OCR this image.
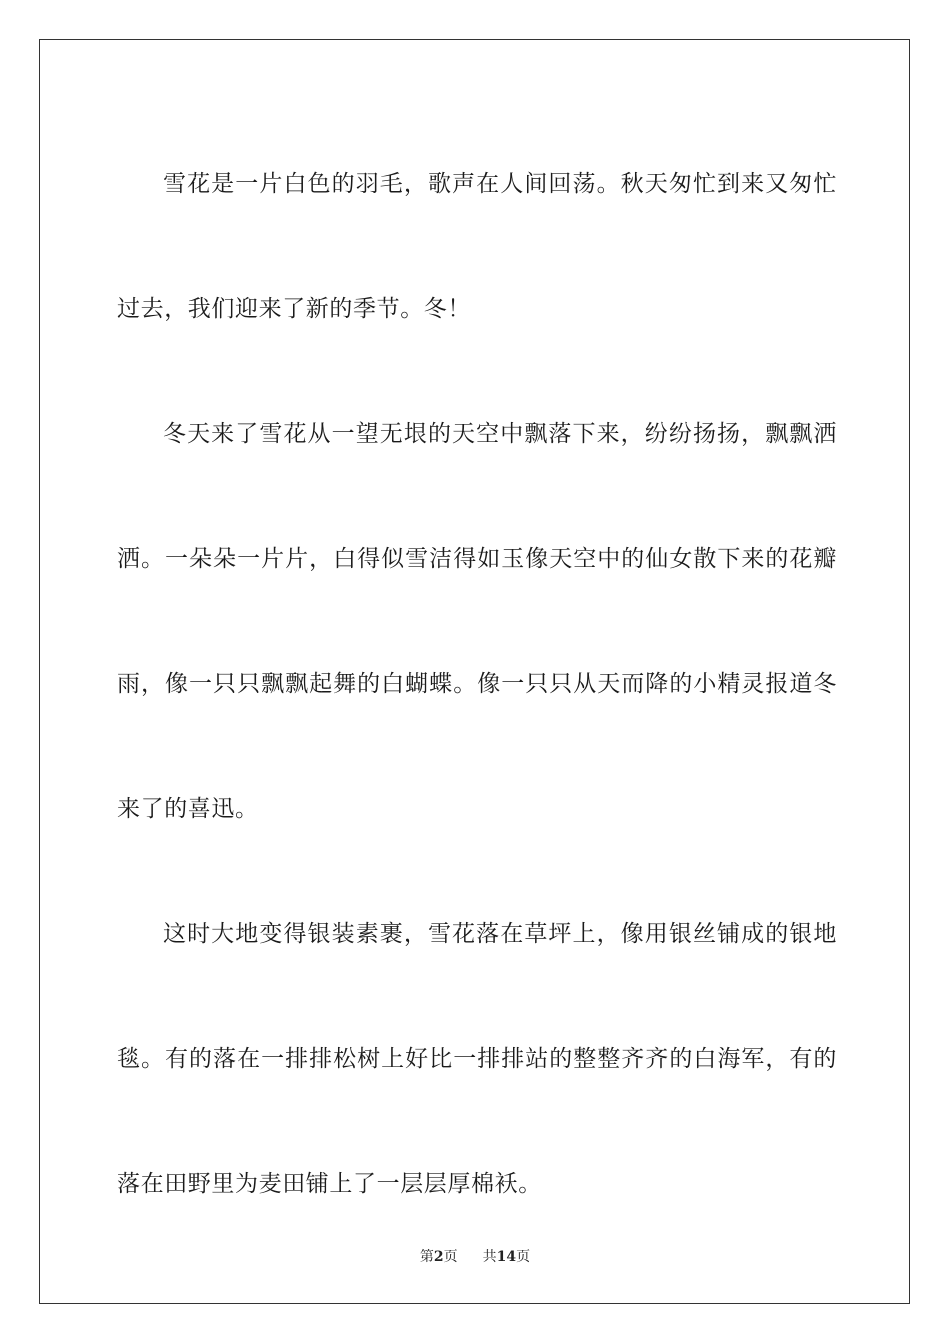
雪花是一片白色的羽毛，歌声在人间回荡。秋天匆忙到来又匆忙过去，我们迎来了新的季节。冬！

冬天来了雪花从一望无垠的天空中飘落下来，纷纷扬扬，飘飘洒洒。一朵朵一片片，白得似雪洁得如玉像天空中的仙女散下来的花瓣雨，像一只只飘飘起舞的白蝴蝶。像一只只从天而降的小精灵报道冬来了的喜迅。

这时大地变得银装素裹，雪花落在草坪上，像用银丝铺成的银地毯。有的落在一排排松树上好比一排排站的整整齐齐的白海军，有的落在田野里为麦田铺上了一层层厚棉袄。

第2页 共14页
